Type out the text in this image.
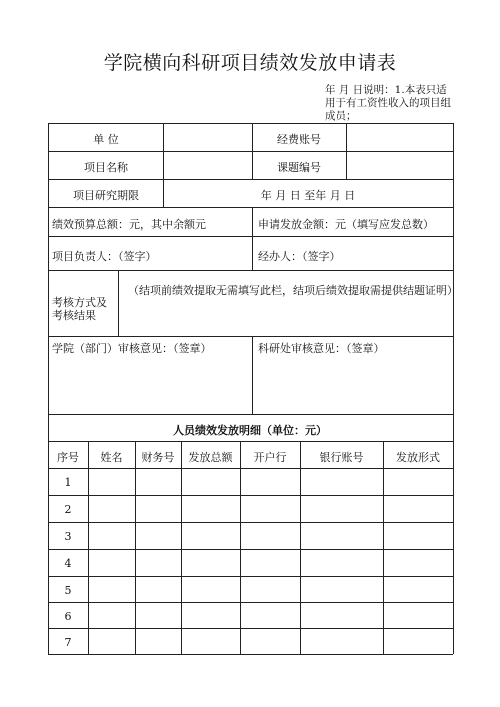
学院横向科研项目绩效发放申请表
年 月 日说明：1.本表只适用于有工资性收入的项目组成员；
单 位	经费账号
项目名称	课题编号
项目研究期限	年 月 日 至年 月 日
绩效预算总额：元，其中余额元	申请发放金额：元（填写应发总数）
项目负责人：（签字）	经办人：（签字）
考核方式及
考核结果
（结项前绩效提取无需填写此栏，结项后绩效提取需提供结题证明）
学院（部门）审核意见：（签章）	科研处审核意见：（签章）
人员绩效发放明细（单位：元）
序号	姓名	财务号	发放总额	开户行	银行账号	发放形式
1
2
3
4
5
6
7
